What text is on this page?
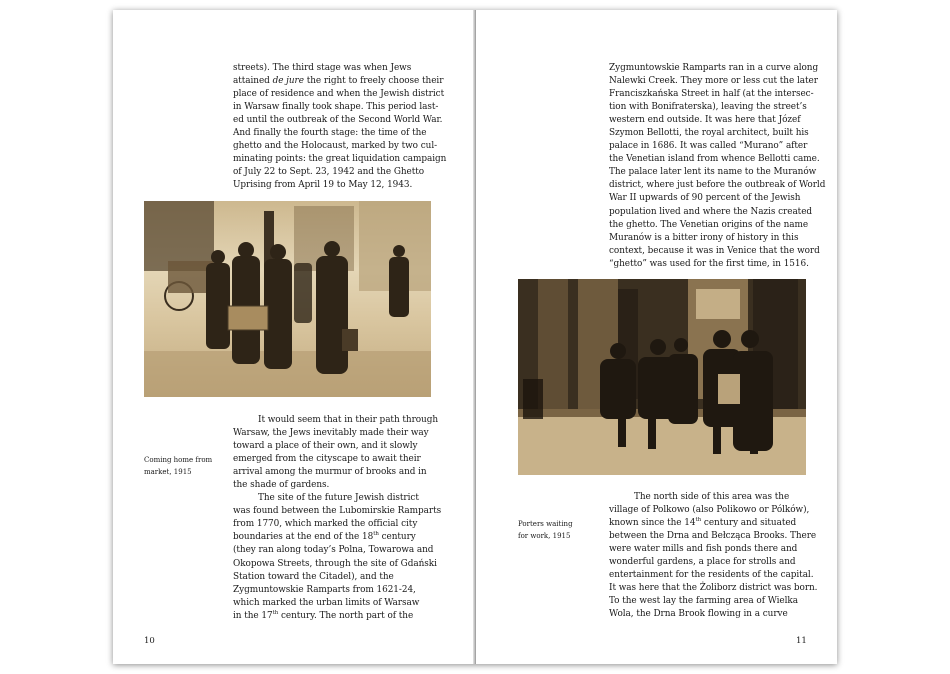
streets). The third stage was when Jews
attained de jure the right to freely choose their
place of residence and when the Jewish district
in Warsaw finally took shape. This period last-
ed until the outbreak of the Second World War.
And finally the fourth stage: the time of the
ghetto and the Holocaust, marked by two cul-
minating points: the great liquidation campaign
of July 22 to Sept. 23, 1942 and the Ghetto
Uprising from April 19 to May 12, 1943.
Coming home from
market, 1915
It would seem that in their path through
Warsaw, the Jews inevitably made their way
toward a place of their own, and it slowly
emerged from the cityscape to await their
arrival among the murmur of brooks and in
the shade of gardens.
The site of the future Jewish district
was found between the Lubomirskie Ramparts
from 1770, which marked the official city
boundaries at the end of the 18th century
(they ran along today’s Polna, Towarowa and
Okopowa Streets, through the site of Gdański
Station toward the Citadel), and the
Zygmuntowskie Ramparts from 1621-24,
which marked the urban limits of Warsaw
in the 17th century. The north part of the
10
Zygmuntowskie Ramparts ran in a curve along
Nalewki Creek. They more or less cut the later
Franciszkańska Street in half (at the intersec-
tion with Bonifraterska), leaving the street’s
western end outside. It was here that Józef
Szymon Bellotti, the royal architect, built his
palace in 1686. It was called “Murano” after
the Venetian island from whence Bellotti came.
The palace later lent its name to the Muranów
district, where just before the outbreak of World
War II upwards of 90 percent of the Jewish
population lived and where the Nazis created
the ghetto. The Venetian origins of the name
Muranów is a bitter irony of history in this
context, because it was in Venice that the word
“ghetto” was used for the first time, in 1516.
Porters waiting
for work, 1915
The north side of this area was the
village of Polkowo (also Polikowo or Pólków),
known since the 14th century and situated
between the Drna and Bełcząca Brooks. There
were water mills and fish ponds there and
wonderful gardens, a place for strolls and
entertainment for the residents of the capital.
It was here that the Żoliborz district was born.
To the west lay the farming area of Wielka
Wola, the Drna Brook flowing in a curve
11
